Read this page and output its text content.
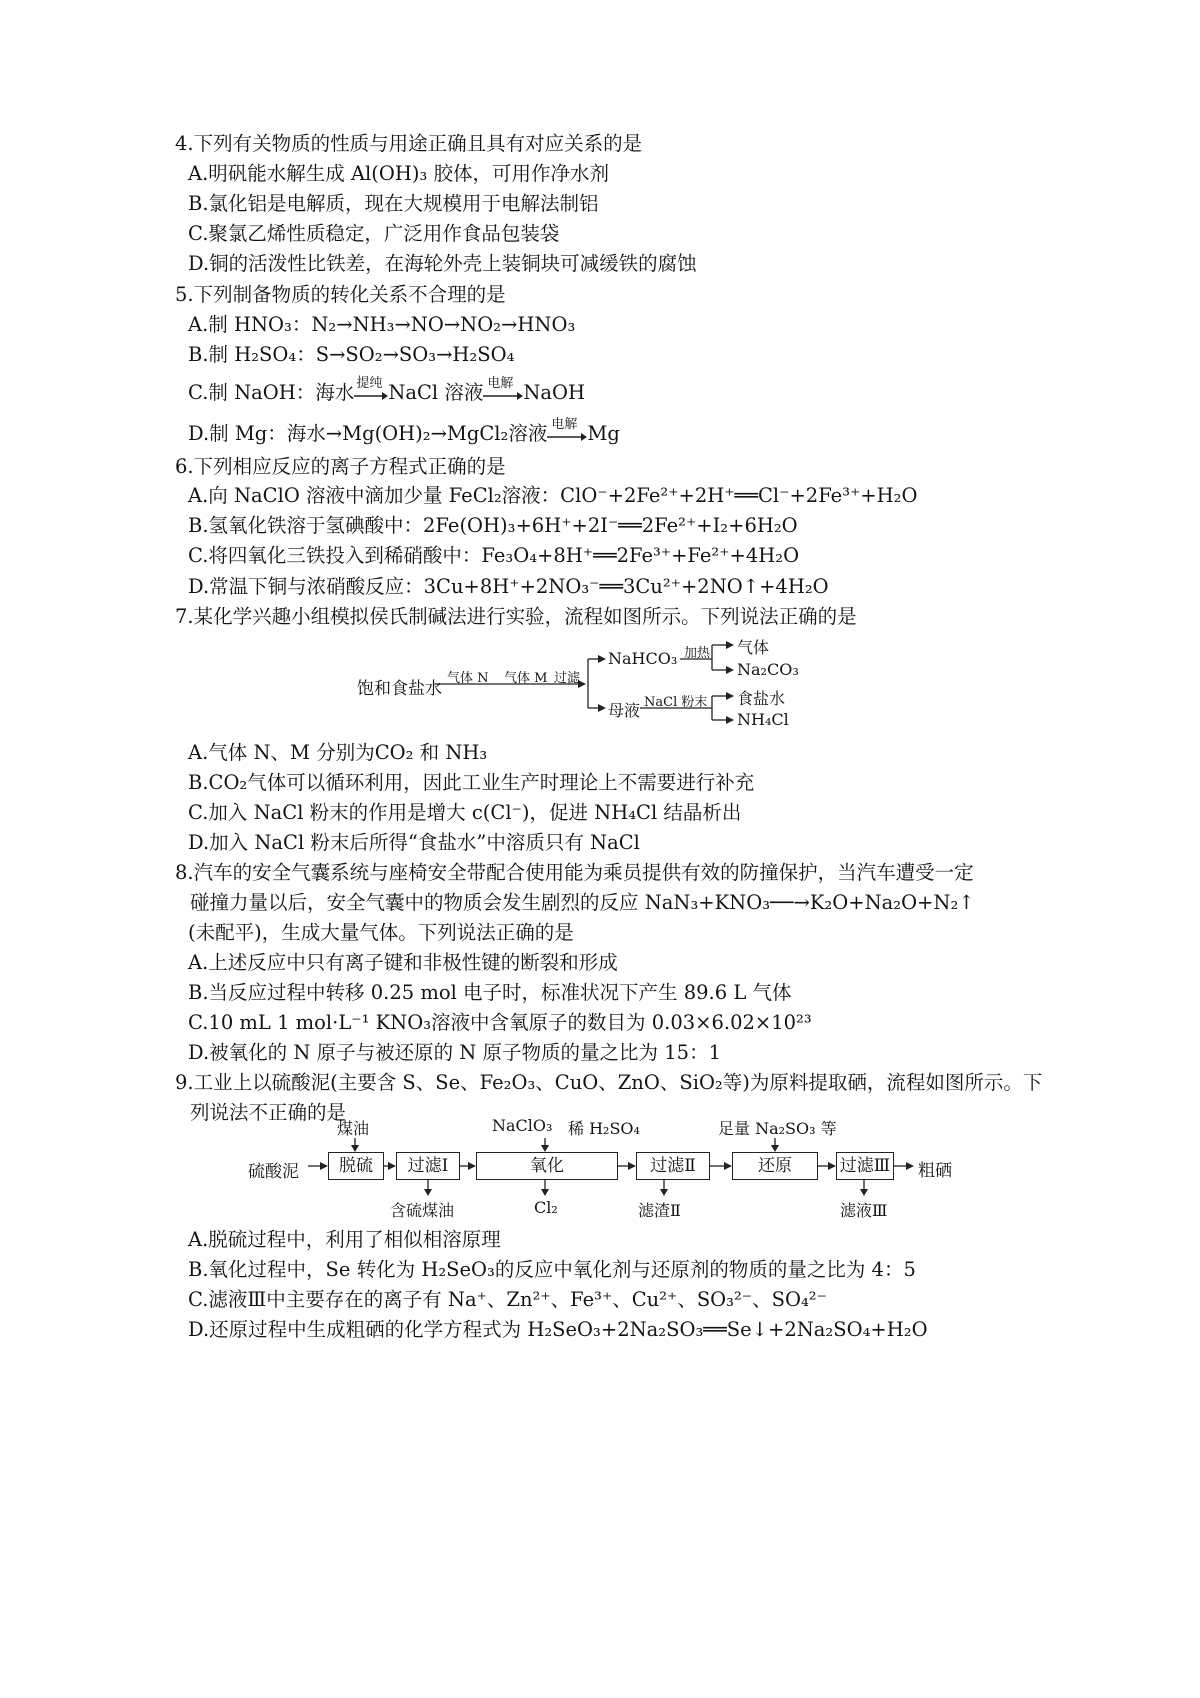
4.下列有关物质的性质与用途正确且具有对应关系的是
A.明矾能水解生成 Al(OH)₃ 胶体，可用作净水剂
B.氯化铝是电解质，现在大规模用于电解法制铝
C.聚氯乙烯性质稳定，广泛用作食品包装袋
D.铜的活泼性比铁差，在海轮外壳上装铜块可减缓铁的腐蚀
5.下列制备物质的转化关系不合理的是
A.制 HNO₃：N₂→NH₃→NO→NO₂→HNO₃
B.制 H₂SO₄：S→SO₂→SO₃→H₂SO₄
C.制 NaOH：海水 提纯 NaCl 溶液 电解 NaOH
D.制 Mg：海水→Mg(OH)₂→MgCl₂溶液 电解 Mg
6.下列相应反应的离子方程式正确的是
A.向 NaClO 溶液中滴加少量 FeCl₂溶液：ClO⁻+2Fe²⁺+2H⁺══Cl⁻+2Fe³⁺+H₂O
B.氢氧化铁溶于氢碘酸中：2Fe(OH)₃+6H⁺+2I⁻══2Fe²⁺+I₂+6H₂O
C.将四氧化三铁投入到稀硝酸中：Fe₃O₄+8H⁺══2Fe³⁺+Fe²⁺+4H₂O
D.常温下铜与浓硝酸反应：3Cu+8H⁺+2NO₃⁻══3Cu²⁺+2NO↑+4H₂O
7.某化学兴趣小组模拟侯氏制碱法进行实验，流程如图所示。下列说法正确的是
饱和食盐水
气体 N 气体 M 过滤
NaHCO₃ 加热 气体
Na₂CO₃
母液 NaCl 粉末 食盐水
NH₄Cl
A.气体 N、M 分别为CO₂ 和 NH₃
B.CO₂气体可以循环利用，因此工业生产时理论上不需要进行补充
C.加入 NaCl 粉末的作用是增大 c(Cl⁻)，促进 NH₄Cl 结晶析出
D.加入 NaCl 粉末后所得“食盐水”中溶质只有 NaCl
8.汽车的安全气囊系统与座椅安全带配合使用能为乘员提供有效的防撞保护，当汽车遭受一定
碰撞力量以后，安全气囊中的物质会发生剧烈的反应 NaN₃+KNO₃──→K₂O+Na₂O+N₂↑
(未配平)，生成大量气体。下列说法正确的是
A.上述反应中只有离子键和非极性键的断裂和形成
B.当反应过程中转移 0.25 mol 电子时，标准状况下产生 89.6 L 气体
C.10 mL 1 mol·L⁻¹ KNO₃溶液中含氧原子的数目为 0.03×6.02×10²³
D.被氧化的 N 原子与被还原的 N 原子物质的量之比为 15：1
9.工业上以硫酸泥(主要含 S、Se、Fe₂O₃、CuO、ZnO、SiO₂等)为原料提取硒，流程如图所示。下
列说法不正确的是
煤油	NaClO₃ 稀 H₂SO₄	足量 Na₂SO₃ 等
硫酸泥	脱硫	过滤Ⅰ	氧化	过滤Ⅱ	还原	过滤Ⅲ 粗硒
含硫煤油	Cl₂	滤渣Ⅱ	滤液Ⅲ
A.脱硫过程中，利用了相似相溶原理
B.氧化过程中，Se 转化为 H₂SeO₃的反应中氧化剂与还原剂的物质的量之比为 4：5
C.滤液Ⅲ中主要存在的离子有 Na⁺、Zn²⁺、Fe³⁺、Cu²⁺、SO₃²⁻、SO₄²⁻
D.还原过程中生成粗硒的化学方程式为 H₂SeO₃+2Na₂SO₃══Se↓+2Na₂SO₄+H₂O
